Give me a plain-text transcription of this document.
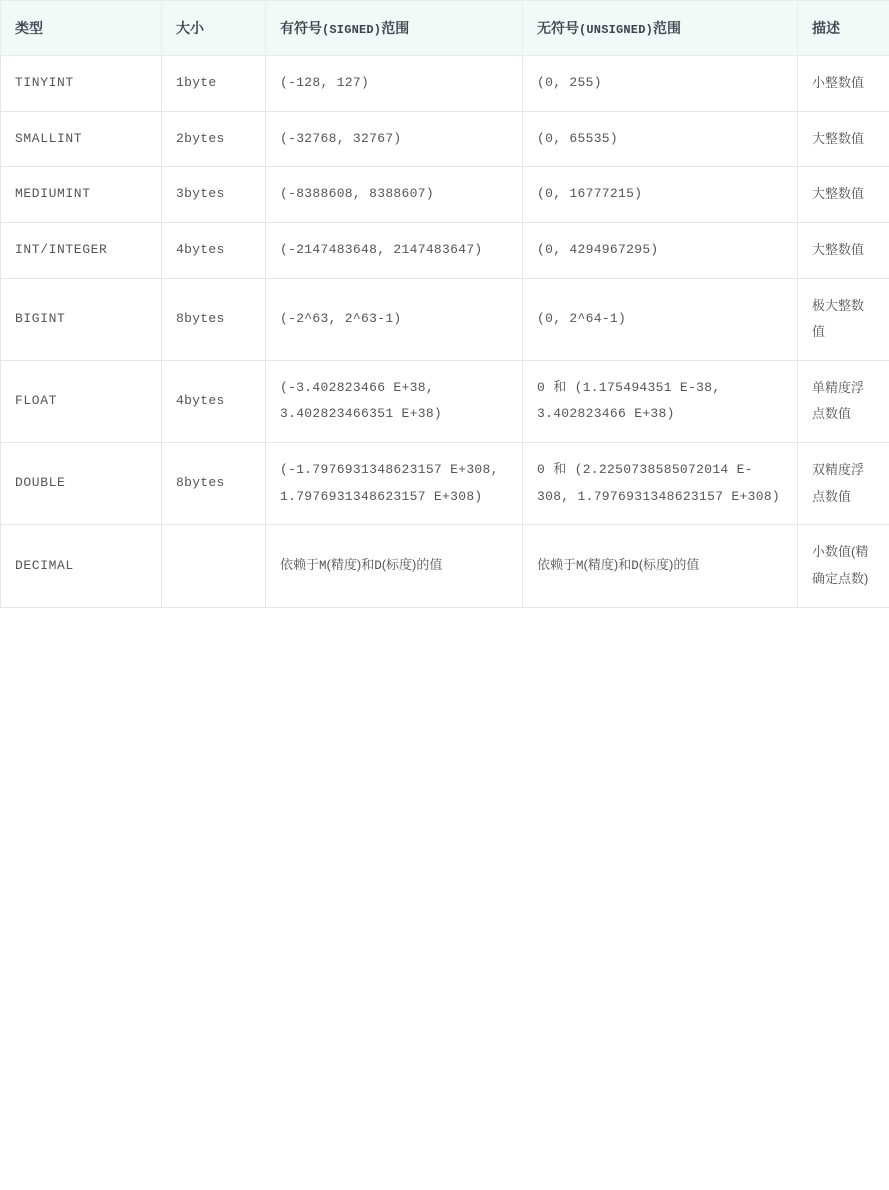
类型	大小	有符号(SIGNED)范围	无符号(UNSIGNED)范围	描述
TINYINT	1byte	(-128, 127)	(0, 255)	小整数值
SMALLINT	2bytes	(-32768, 32767)	(0, 65535)	大整数值
MEDIUMINT	3bytes	(-8388608, 8388607)	(0, 16777215)	大整数值
INT/INTEGER	4bytes	(-2147483648, 2147483647)	(0, 4294967295)	大整数值
BIGINT	8bytes	(-2^63, 2^63-1)	(0, 2^64-1)	极大整数值
FLOAT	4bytes	(-3.402823466 E+38, 3.402823466351 E+38)	0 和 (1.175494351 E-38, 3.402823466 E+38)	单精度浮点数值
DOUBLE	8bytes	(-1.7976931348623157 E+308, 1.7976931348623157 E+308)	0 和 (2.2250738585072014 E-308, 1.7976931348623157 E+308)	双精度浮点数值
DECIMAL		依赖于M(精度)和D(标度)的值	依赖于M(精度)和D(标度)的值	小数值(精确定点数)
